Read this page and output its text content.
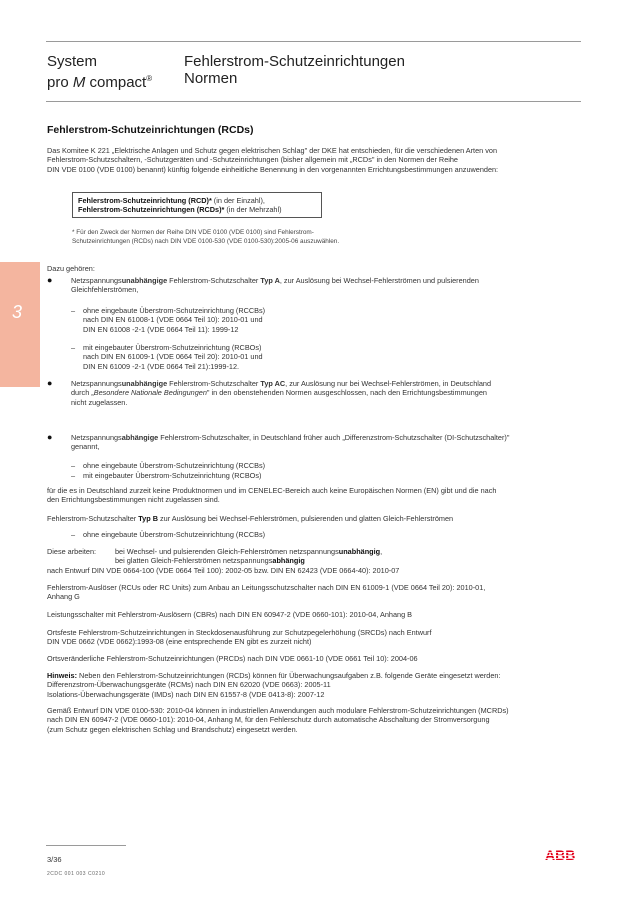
System
pro M compact®
Fehlerstrom-Schutzeinrichtungen
Normen
3
Fehlerstrom-Schutzeinrichtungen (RCDs)
Das Komitee K 221 „Elektrische Anlagen und Schutz gegen elektrischen Schlag" der DKE hat entschieden, für die verschiedenen Arten von
Fehlerstrom-Schutzschaltern, -Schutzgeräten und -Schutzeinrichtungen (bisher allgemein mit „RCDs" in den Normen der Reihe
DIN VDE 0100 (VDE 0100) benannt) künftig folgende einheitliche Benennung in den vorgenannten Errichtungsbestimmungen anzuwenden:
Fehlerstrom-Schutzeinrichtung (RCD)* (in der Einzahl),
Fehlerstrom-Schutzeinrichtungen (RCDs)* (in der Mehrzahl)
* Für den Zweck der Normen der Reihe DIN VDE 0100 (VDE 0100) sind Fehlerstrom-
Schutzeinrichtungen (RCDs) nach DIN VDE 0100-530 (VDE 0100-530):2005-06 auszuwählen.
Dazu gehören:
●	Netzspannungsunabhängige Fehlerstrom-Schutzschalter Typ A, zur Auslösung bei Wechsel-Fehlerströmen und pulsierenden
Gleichfehlerströmen,
– ohne eingebaute Überstrom-Schutzeinrichtung (RCCBs)
nach DIN EN 61008-1 (VDE 0664 Teil 10): 2010-01 und
DIN EN 61008 -2-1 (VDE 0664 Teil 11): 1999-12
– mit eingebauter Überstrom-Schutzeinrichtung (RCBOs)
nach DIN EN 61009-1 (VDE 0664 Teil 20): 2010-01 und
DIN EN 61009 -2-1 (VDE 0664 Teil 21):1999-12.
●	Netzspannungsunabhängige Fehlerstrom-Schutzschalter Typ AC, zur Auslösung nur bei Wechsel-Fehlerströmen, in Deutschland
durch „Besondere Nationale Bedingungen" in den obenstehenden Normen ausgeschlossen, nach den Errichtungsbestimmungen
nicht zugelassen.
●	Netzspannungsabhängige Fehlerstrom-Schutzschalter, in Deutschland früher auch „Differenzstrom-Schutzschalter (DI-Schutzschalter)"
genannt,
– ohne eingebaute Überstrom-Schutzeinrichtung (RCCBs)
– mit eingebauter Überstrom-Schutzeinrichtung (RCBOs)
für die es in Deutschland zurzeit keine Produktnormen und im CENELEC-Bereich auch keine Europäischen Normen (EN) gibt und die nach
den Errichtungsbestimmungen nicht zugelassen sind.
Fehlerstrom-Schutzschalter Typ B zur Auslösung bei Wechsel-Fehlerströmen, pulsierenden und glatten Gleich-Fehlerströmen
– ohne eingebaute Überstrom-Schutzeinrichtung (RCCBs)
Diese arbeiten:	bei Wechsel- und pulsierenden Gleich-Fehlerströmen netzspannungsunabhängig,
bei glatten Gleich-Fehlerströmen netzspannungsabhängig
nach Entwurf DIN VDE 0664-100 (VDE 0664 Teil 100): 2002-05 bzw. DIN EN 62423 (VDE 0664-40): 2010-07
Fehlerstrom-Auslöser (RCUs oder RC Units) zum Anbau an Leitungsschutzschalter nach DIN EN 61009-1 (VDE 0664 Teil 20): 2010-01,
Anhang G
Leistungsschalter mit Fehlerstrom-Auslösern (CBRs) nach DIN EN 60947-2 (VDE 0660-101): 2010-04, Anhang B
Ortsfeste Fehlerstrom-Schutzeinrichtungen in Steckdosenausführung zur Schutzpegelerhöhung (SRCDs) nach Entwurf
DIN VDE 0662 (VDE 0662):1993-08 (eine entsprechende EN gibt es zurzeit nicht)
Ortsveränderliche Fehlerstrom-Schutzeinrichtungen (PRCDs) nach DIN VDE 0661-10 (VDE 0661 Teil 10): 2004-06
Hinweis: Neben den Fehlerstrom-Schutzeinrichtungen (RCDs) können für Überwachungsaufgaben z.B. folgende Geräte eingesetzt werden:
Differenzstrom-Überwachungsgeräte (RCMs) nach DIN EN 62020 (VDE 0663): 2005-11
Isolations-Überwachungsgeräte (IMDs) nach DIN EN 61557-8 (VDE 0413-8): 2007-12
Gemäß Entwurf DIN VDE 0100-530: 2010-04 können in industriellen Anwendungen auch modulare Fehlerstrom-Schutzeinrichtungen (MCRDs)
nach DIN EN 60947-2 (VDE 0660-101): 2010-04, Anhang M, für den Fehlerschutz durch automatische Abschaltung der Stromversorgung
(zum Schutz gegen elektrischen Schlag und Brandschutz) eingesetzt werden.
3/36
2CDC 001 003 C0210
ABB
